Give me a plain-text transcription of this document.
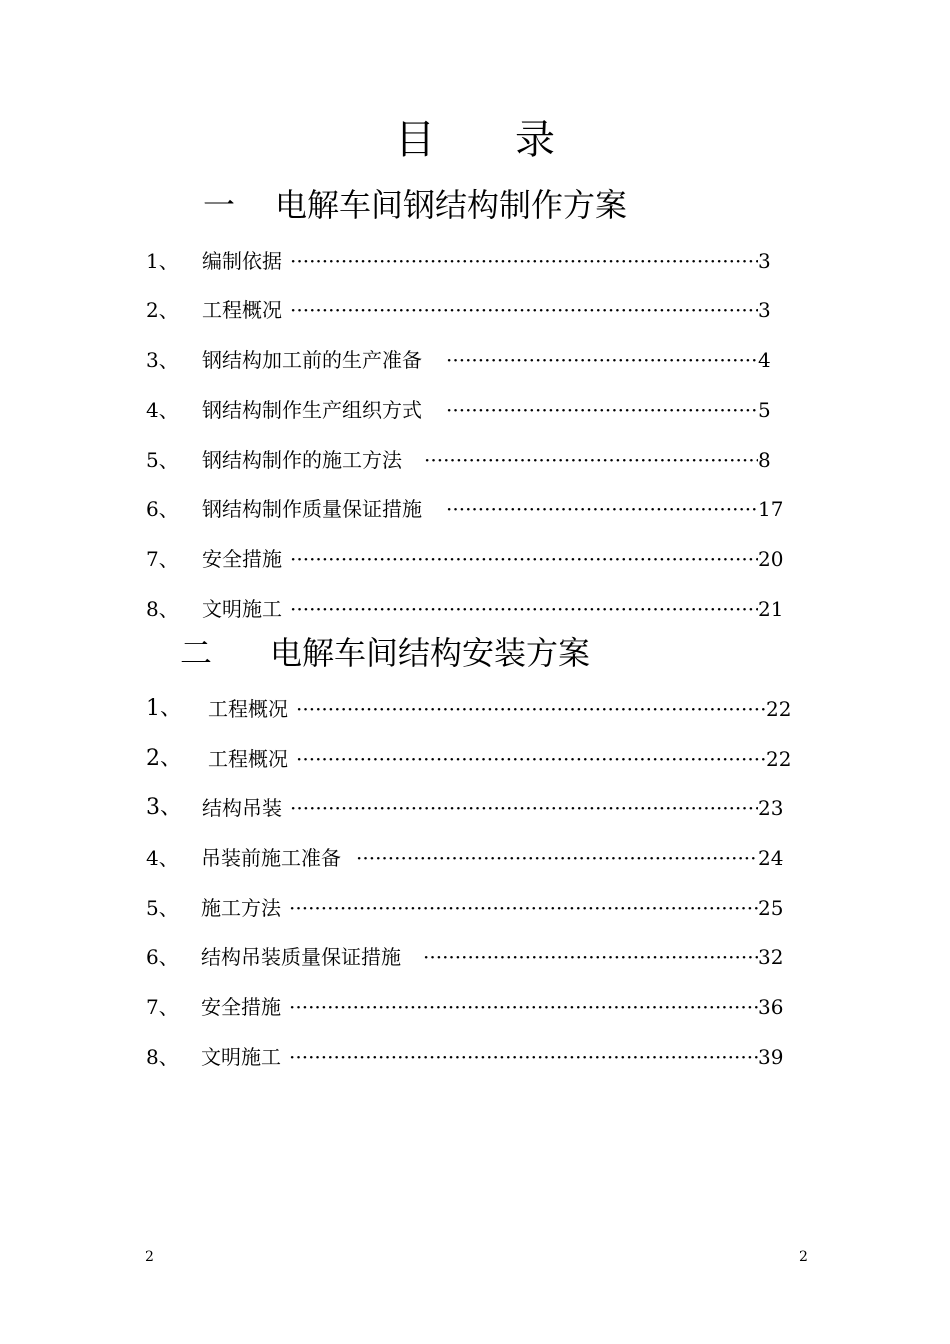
目 录
一 电解车间钢结构制作方案
1、 编制依据 ·····	3
2、 工程概况 ·····	3
3、 钢结构加工前的生产准备 ·····	4
4、 钢结构制作生产组织方式 ·····	5
5、 钢结构制作的施工方法 ·····	8
6、 钢结构制作质量保证措施 ·····	17
7、 安全措施 ·····	20
8、 文明施工 ·····	21
二 电解车间结构安装方案
1、 工程概况 ·····	22
2、 工程概况 ·····	22
3、 结构吊装 ·····	23
4、 吊装前施工准备 ·····	24
5、 施工方法 ·····	25
6、 结构吊装质量保证措施 ·····	32
7、 安全措施 ·····	36
8、 文明施工 ·····	39
2	2
